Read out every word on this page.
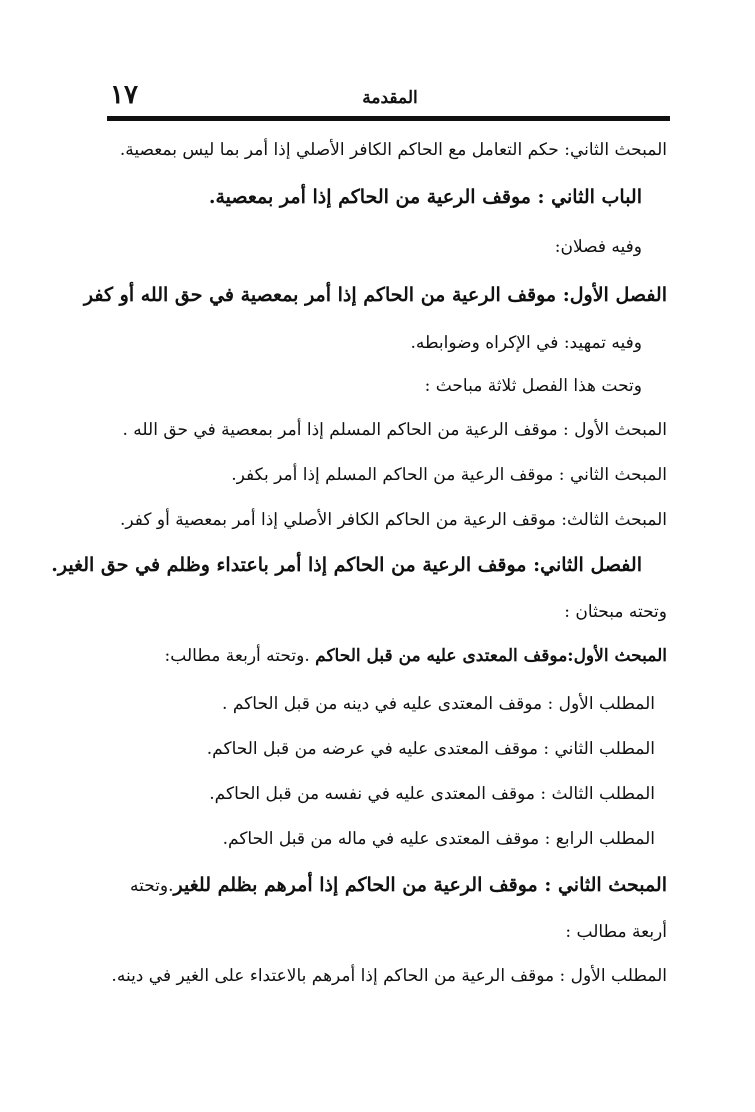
١٧	المقدمة
المبحث الثاني: حكم التعامل مع الحاكم الكافر الأصلي إذا أمر بما ليس بمعصية.
الباب الثاني : موقف الرعية من الحاكم إذا أمر بمعصية.
وفيه فصلان:
الفصل الأول: موقف الرعية من الحاكم إذا أمر بمعصية في حق الله أو كفر
وفيه تمهيد: في الإكراه وضوابطه.
وتحت هذا الفصل ثلاثة مباحث :
المبحث الأول : موقف الرعية من الحاكم المسلم إذا أمر بمعصية في حق الله .
المبحث الثاني : موقف الرعية من الحاكم المسلم إذا أمر بكفر.
المبحث الثالث: موقف الرعية من الحاكم الكافر الأصلي إذا أمر بمعصية أو كفر.
الفصل الثاني: موقف الرعية من الحاكم إذا أمر باعتداء وظلم في حق الغير.
وتحته مبحثان :
المبحث الأول:موقف المعتدى عليه من قبل الحاكم .وتحته أربعة مطالب:
المطلب الأول : موقف المعتدى عليه في دينه من قبل الحاكم .
المطلب الثاني : موقف المعتدى عليه في عرضه من قبل الحاكم.
المطلب الثالث : موقف المعتدى عليه في نفسه من قبل الحاكم.
المطلب الرابع : موقف المعتدى عليه في ماله من قبل الحاكم.
المبحث الثاني : موقف الرعية من الحاكم إذا أمرهم بظلم للغير.وتحته
أربعة مطالب :
المطلب الأول : موقف الرعية من الحاكم إذا أمرهم بالاعتداء على الغير في دينه.
